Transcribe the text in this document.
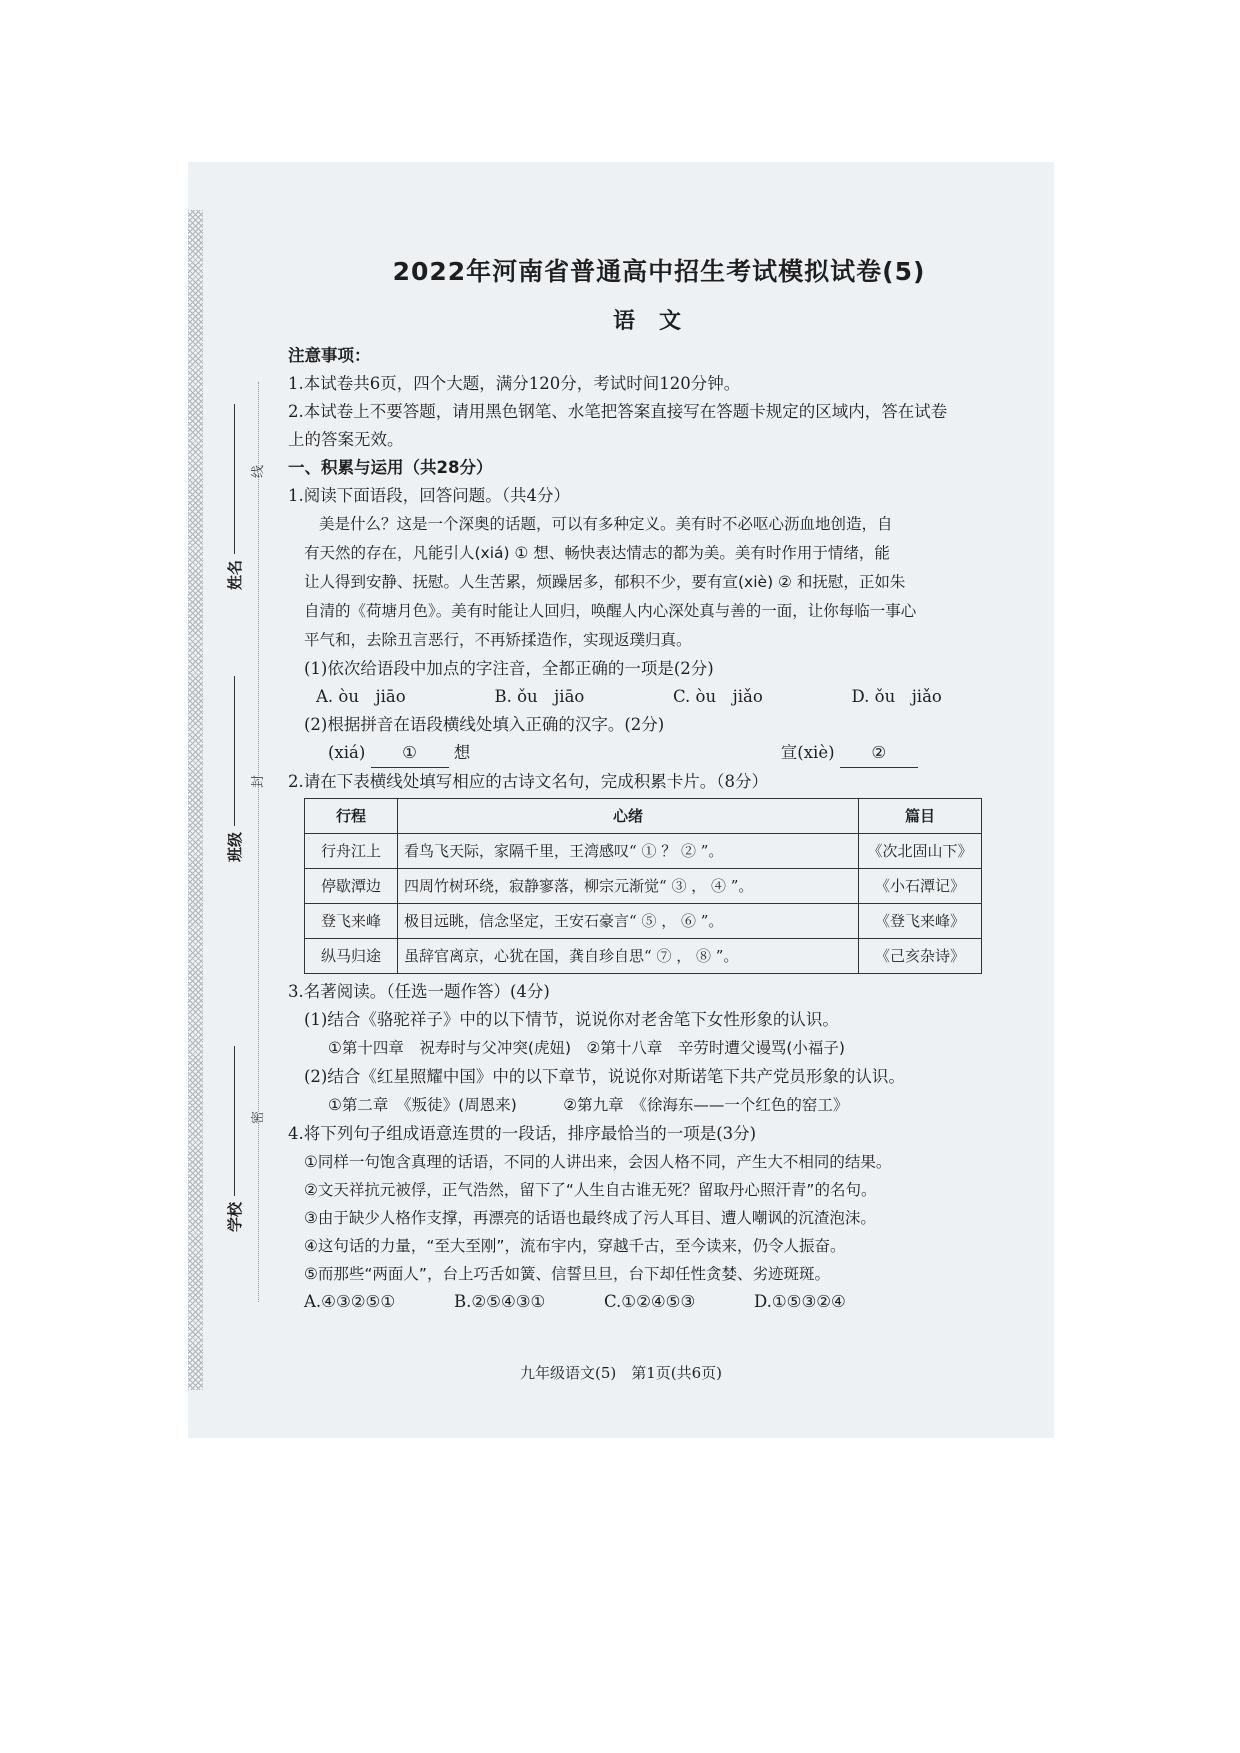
姓名
班级
学校
线
封
密

2022年河南省普通高中招生考试模拟试卷(5)

语文

注意事项：

1.本试卷共6页，四个大题，满分120分，考试时间120分钟。

2.本试卷上不要答题，请用黑色钢笔、水笔把答案直接写在答题卡规定的区域内，答在试卷

上的答案无效。

一、积累与运用（共28分）

1.阅读下面语段，回答问题。（共4分）

美是什么？这是一个深奥的话题，可以有多种定义。美有时不必呕心沥血地创造，自

有天然的存在，凡能引人(xiá) ① 想、畅快表达情志的都为美。美有时作用于情绪，能

让人得到安静、抚慰。人生苦累，烦躁居多，郁积不少，要有宣(xiè) ② 和抚慰，正如朱

自清的《荷塘月色》。美有时能让人回归，唤醒人内心深处真与善的一面，让你每临一事心

平气和，去除丑言恶行，不再矫揉造作，实现返璞归真。

(1)依次给语段中加点的字注音，全都正确的一项是(2分)

A. òu　jiāo	B. ǒu　jiāo	C. òu　jiǎo	D. ǒu　jiǎo

(2)根据拼音在语段横线处填入正确的汉字。(2分)

(xiá) ① 想	宣(xiè) ②

2.请在下表横线处填写相应的古诗文名句，完成积累卡片。（8分）

行程	心绪	篇目
行舟江上	看鸟飞天际，家隔千里，王湾感叹“ ① ？ ② ”。	《次北固山下》
停歇潭边	四周竹树环绕，寂静寥落，柳宗元渐觉“ ③ ， ④ ”。	《小石潭记》
登飞来峰	极目远眺，信念坚定，王安石豪言“ ⑤ ， ⑥ ”。	《登飞来峰》
纵马归途	虽辞官离京，心犹在国，龚自珍自思“ ⑦ ， ⑧ ”。	《己亥杂诗》

3.名著阅读。（任选一题作答）(4分)

(1)结合《骆驼祥子》中的以下情节，说说你对老舍笔下女性形象的认识。

①第十四章　祝寿时与父冲突(虎妞)　②第十八章　辛劳时遭父谩骂(小福子)

(2)结合《红星照耀中国》中的以下章节，说说你对斯诺笔下共产党员形象的认识。

①第二章　《叛徒》(周恩来)　　　②第九章　《徐海东——一个红色的窑工》

4.将下列句子组成语意连贯的一段话，排序最恰当的一项是(3分)

①同样一句饱含真理的话语，不同的人讲出来，会因人格不同，产生大不相同的结果。

②文天祥抗元被俘，正气浩然，留下了“人生自古谁无死？留取丹心照汗青”的名句。

③由于缺少人格作支撑，再漂亮的话语也最终成了污人耳目、遭人嘲讽的沉渣泡沫。

④这句话的力量，“至大至刚”，流布宇内，穿越千古，至今读来，仍令人振奋。

⑤而那些“两面人”，台上巧舌如簧、信誓旦旦，台下却任性贪婪、劣迹斑斑。

A.④③②⑤①	B.②⑤④③①	C.①②④⑤③	D.①⑤③②④
九年级语文(5)　第1页(共6页)
